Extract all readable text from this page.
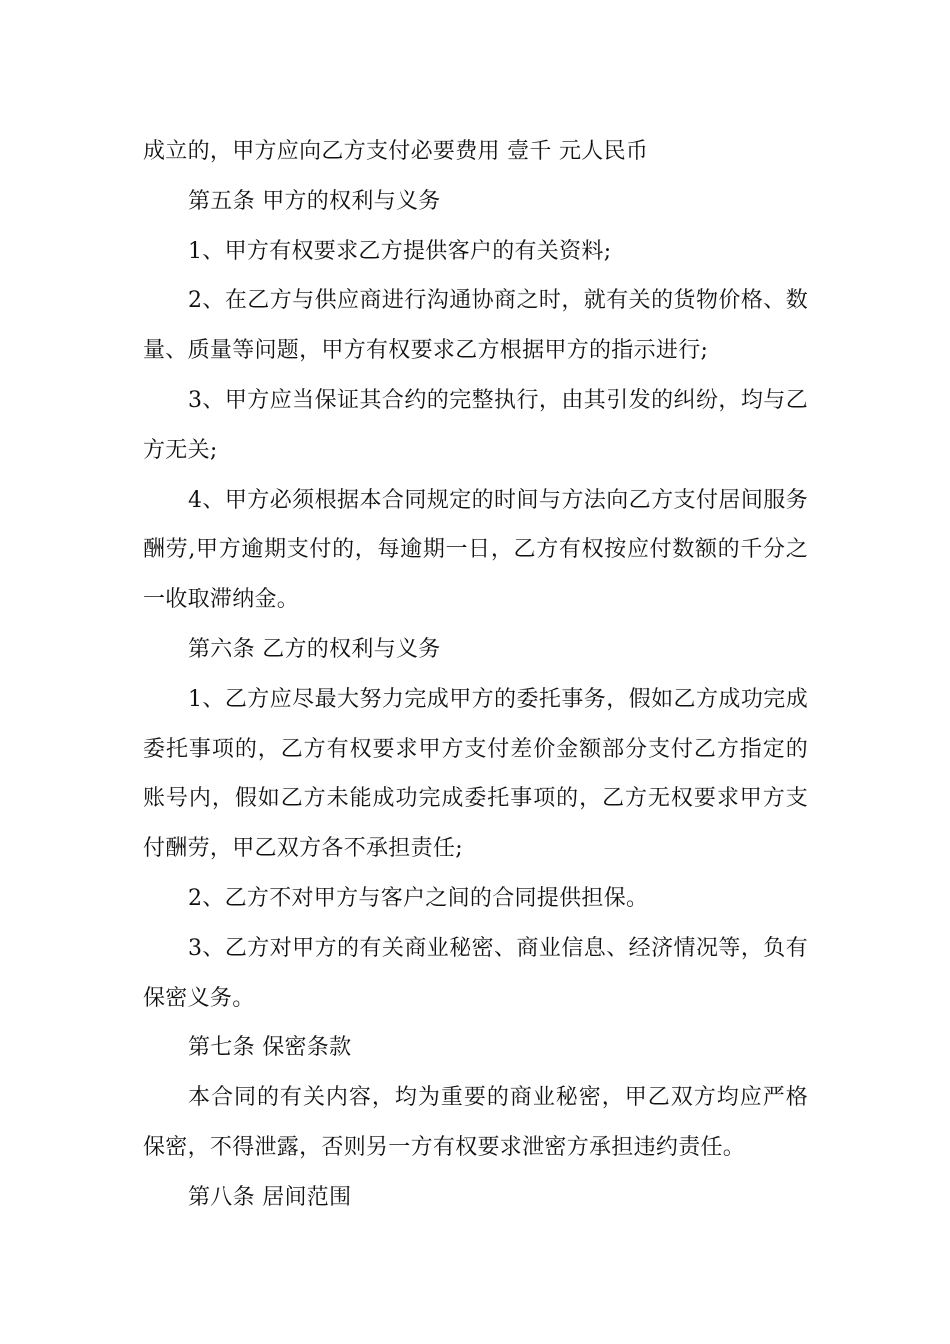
成立的，甲方应向乙方支付必要费用 壹千 元人民币

第五条 甲方的权利与义务

1、甲方有权要求乙方提供客户的有关资料;

2、在乙方与供应商进行沟通协商之时，就有关的货物价格、数量、质量等问题，甲方有权要求乙方根据甲方的指示进行;

3、甲方应当保证其合约的完整执行，由其引发的纠纷，均与乙方无关;

4、甲方必须根据本合同规定的时间与方法向乙方支付居间服务酬劳,甲方逾期支付的，每逾期一日，乙方有权按应付数额的千分之一收取滞纳金。

第六条 乙方的权利与义务

1、乙方应尽最大努力完成甲方的委托事务，假如乙方成功完成委托事项的，乙方有权要求甲方支付差价金额部分支付乙方指定的账号内，假如乙方未能成功完成委托事项的，乙方无权要求甲方支付酬劳，甲乙双方各不承担责任;

2、乙方不对甲方与客户之间的合同提供担保。

3、乙方对甲方的有关商业秘密、商业信息、经济情况等，负有保密义务。

第七条 保密条款

本合同的有关内容，均为重要的商业秘密，甲乙双方均应严格保密，不得泄露，否则另一方有权要求泄密方承担违约责任。

第八条 居间范围
